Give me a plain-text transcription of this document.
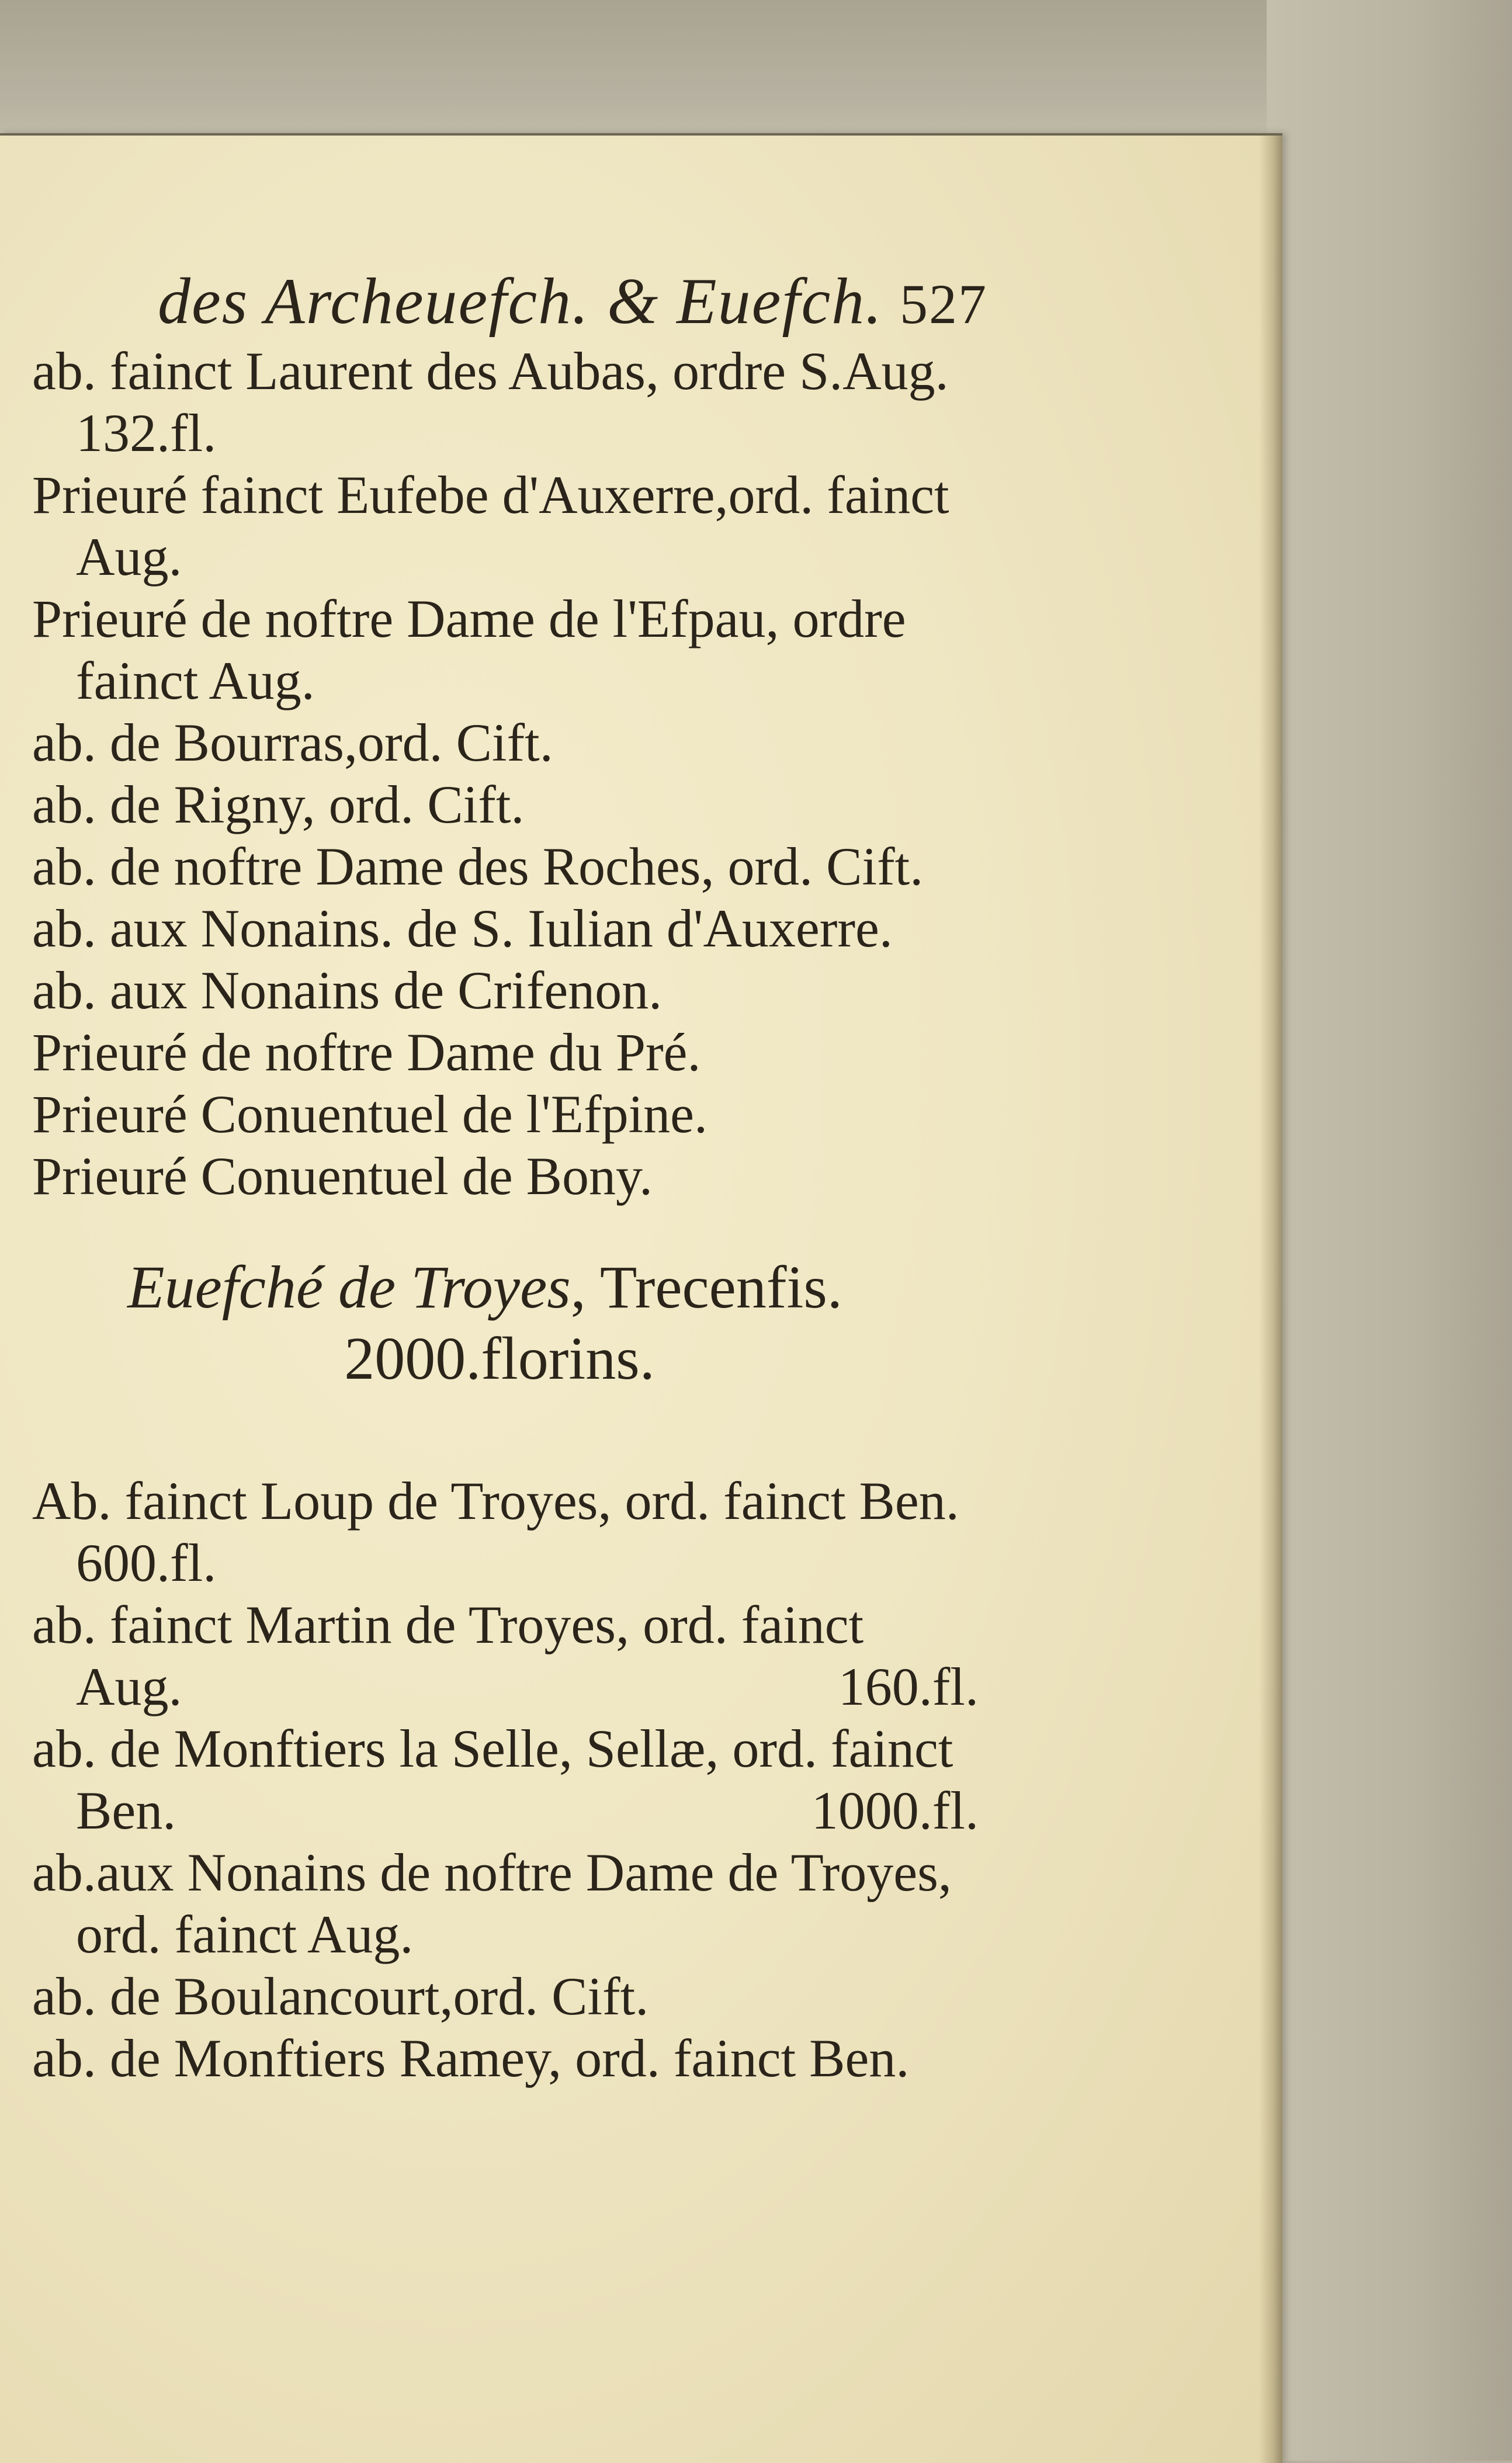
des Archeuefch. & Euefch. 527
ab. fainct Laurent des Aubas, ordre S.Aug.
132.fl.
Prieuré fainct Eufebe d'Auxerre,ord. fainct
Aug.
Prieuré de noftre Dame de l'Efpau, ordre
fainct Aug.
ab. de Bourras,ord. Cift.
ab. de Rigny, ord. Cift.
ab. de noftre Dame des Roches, ord. Cift.
ab. aux Nonains. de S. Iulian d'Auxerre.
ab. aux Nonains de Crifenon.
Prieuré de noftre Dame du Pré.
Prieuré Conuentuel de l'Efpine.
Prieuré Conuentuel de Bony.
Euefché de Troyes, Trecenfis.
2000.florins.
Ab. fainct Loup de Troyes, ord. fainct Ben.
600.fl.
ab. fainct Martin de Troyes, ord. fainct
Aug.	160.fl.
ab. de Monftiers la Selle, Sellæ, ord. fainct
Ben.	1000.fl.
ab.aux Nonains de noftre Dame de Troyes,
ord. fainct Aug.
ab. de Boulancourt,ord. Cift.
ab. de Monftiers Ramey, ord. fainct Ben.
